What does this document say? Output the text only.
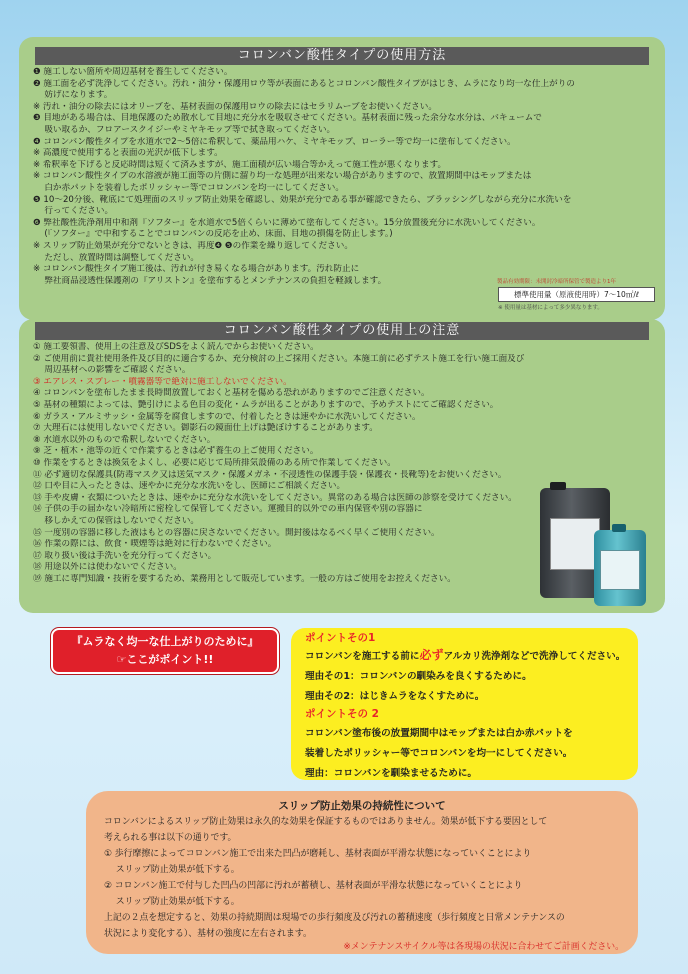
コロンバン酸性タイプの使用方法
❶ 施工しない箇所や周辺基材を養生してください。
❷ 施工面を必ず洗浄してください。汚れ・油分・保護用ロウ等が表面にあるとコロンバン酸性タイプがはじき、ムラになり均一な仕上がりの
　 妨げになります。
※ 汚れ・油分の除去にはオリーブを、基材表面の保護用ロウの除去にはセラリムーブをお使いください。
❸ 目地がある場合は、目地保護のため散水して目地に充分水を吸収させてください。基材表面に残った余分な水分は、バキュームで
　 吸い取るか、フロアースクイジーやミヤキモップ等で拭き取ってください。
❹ コロンバン酸性タイプを水道水で2〜5倍に希釈して、薬品用ハケ、ミヤキモップ、ローラー等で均一に塗布してください。
※ 高濃度で使用すると表面の光沢が低下します。
※ 希釈率を下げると反応時間は短くて済みますが、施工面積が広い場合等かえって施工性が悪くなります。
※ コロンバン酸性タイプの水溶液が施工面等の片側に溜り均一な処理が出来ない場合がありますので、放置期間中はモップまたは
　 白か赤パットを装着したポリッシャー等でコロンバンを均一にしてください。
❺ 10〜20分後、靴底にて処理面のスリップ防止効果を確認し、効果が充分である事が確認できたら、ブラッシングしながら充分に水洗いを
　 行ってください。
❻ 弊社酸性洗浄剤用中和剤『ソフター』を水道水で5倍くらいに薄めて塗布してください。15分放置後充分に水洗いしてください。
　 (『ソフター』で中和することでコロンバンの反応を止め、床面、目地の損傷を防止します。)
※ スリップ防止効果が充分でないときは、再度❹ ❺の作業を繰り返してください。
　 ただし、放置時間は調整してください。
※ コロンバン酸性タイプ施工後は、汚れが付き易くなる場合があります。汚れ防止に
　 弊社商品浸透性保護剤の『アリストン』を塗布するとメンテナンスの負担を軽減します。	製品有効期限：未開封冷暗所保管で製造より1年
標準使用量（原液使用時）7〜10㎡/ℓ
※ 使用量は基材によって多少異なります。
コロンバン酸性タイプの使用上の注意
① 施工要領書、使用上の注意及びSDSをよく読んでからお使いください。
② ご使用前に貴社使用条件及び目的に適合するか、充分検討の上ご採用ください。本施工前に必ずテスト施工を行い施工面及び
　 周辺基材への影響をご確認ください。
③ エアレス・スプレー・噴霧器等で絶対に施工しないでください。
④ コロンバンを塗布したまま長時間放置しておくと基材を傷める恐れがありますのでご注意ください。
⑤ 基材の種類によっては、艶引けによる色目の変化・ムラが出ることがありますので、予めテストにてご確認ください。
⑥ ガラス・アルミサッシ・金属等を腐食しますので、付着したときは速やかに水洗いしてください。
⑦ 大理石には使用しないでください。御影石の鏡面仕上げは艶ぼけすることがあります。
⑧ 水道水以外のもので希釈しないでください。
⑨ 芝・植木・池等の近くで作業するときは必ず養生の上ご使用ください。
⑩ 作業をするときは換気をよくし、必要に応じて局所排気設備のある所で作業してください。
⑪ 必ず適切な保護具(防毒マスク又は送気マスク・保護メガネ・不浸透性の保護手袋・保護衣・長靴等)をお使いください。
⑫ 口や目に入ったときは、速やかに充分な水洗いをし、医師にご相談ください。
⑬ 手や皮膚・衣類についたときは、速やかに充分な水洗いをしてください。異常のある場合は医師の診察を受けてください。
⑭ 子供の手の届かない冷暗所に密栓して保管してください。運搬目的以外での車内保管や別の容器に
　 移しかえての保管はしないでください。
⑮ 一度別の容器に移した液はもとの容器に戻さないでください。開封後はなるべく早くご使用ください。
⑯ 作業の際には、飲食・喫煙等は絶対に行わないでください。
⑰ 取り扱い後は手洗いを充分行ってください。
⑱ 用途以外には使わないでください。
⑲ 施工に専門知識・技術を要するため、業務用として販売しています。一般の方はご使用をお控えください。
『ムラなく均一な仕上がりのために』
☞ここがポイント!!
ポイントその1
コロンバンを施工する前に必ずアルカリ洗浄剤などで洗浄してください。
理由その1：コロンバンの馴染みを良くするために。
理由その2：はじきムラをなくすために。
ポイントその 2
コロンバン塗布後の放置期間中はモップまたは白か赤パットを
装着したポリッシャー等でコロンバンを均一にしてください。
理由：コロンバンを馴染ませるために。
スリップ防止効果の持続性について
コロンバンによるスリップ防止効果は永久的な効果を保証するものではありません。効果が低下する要因として
考えられる事は以下の通りです。
① 歩行摩擦によってコロンバン施工で出来た凹凸が磨耗し、基材表面が平滑な状態になっていくことにより
　 スリップ防止効果が低下する。
② コロンバン施工で付与した凹凸の凹部に汚れが蓄積し、基材表面が平滑な状態になっていくことにより
　 スリップ防止効果が低下する。
上記の２点を想定すると、効果の持続期間は現場での歩行頻度及び汚れの蓄積速度（歩行頻度と日常メンテナンスの
状況により変化する）、基材の強度に左右されます。
※メンテナンスサイクル等は各現場の状況に合わせてご計画ください。
